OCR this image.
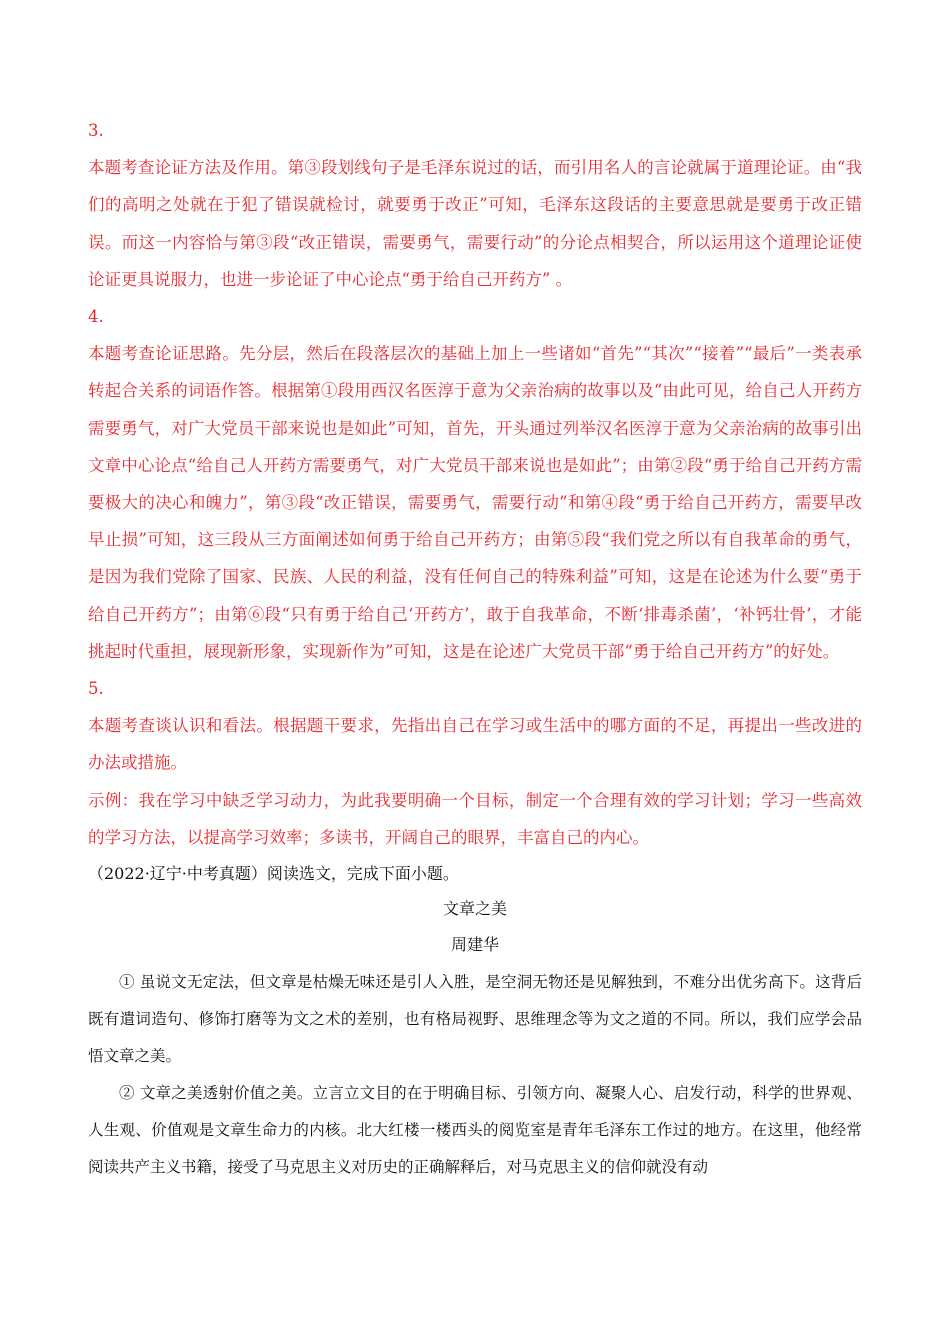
3.

本题考查论证方法及作用。第③段划线句子是毛泽东说过的话，而引用名人的言论就属于道理论证。由“我们的高明之处就在于犯了错误就检讨，就要勇于改正”可知，毛泽东这段话的主要意思就是要勇于改正错误。而这一内容恰与第③段“改正错误，需要勇气，需要行动”的分论点相契合，所以运用这个道理论证使论证更具说服力，也进一步论证了中心论点“勇于给自己开药方” 。

4.

本题考查论证思路。先分层，然后在段落层次的基础上加上一些诸如“首先”“其次”“接着”“最后”一类表承转起合关系的词语作答。根据第①段用西汉名医淳于意为父亲治病的故事以及“由此可见，给自己人开药方需要勇气，对广大党员干部来说也是如此”可知，首先，开头通过列举汉名医淳于意为父亲治病的故事引出文章中心论点“给自己人开药方需要勇气，对广大党员干部来说也是如此”；由第②段“勇于给自己开药方需要极大的决心和魄力”，第③段“改正错误，需要勇气，需要行动”和第④段“勇于给自己开药方，需要早改早止损”可知，这三段从三方面阐述如何勇于给自己开药方；由第⑤段“我们党之所以有自我革命的勇气，是因为我们党除了国家、民族、人民的利益，没有任何自己的特殊利益”可知，这是在论述为什么要“勇于给自己开药方”；由第⑥段“只有勇于给自己‘开药方’，敢于自我革命，不断‘排毒杀菌’，‘补钙壮骨’，才能挑起时代重担，展现新形象，实现新作为”可知，这是在论述广大党员干部“勇于给自己开药方”的好处。

5.

本题考查谈认识和看法。根据题干要求，先指出自己在学习或生活中的哪方面的不足，再提出一些改进的办法或措施。

示例：我在学习中缺乏学习动力，为此我要明确一个目标，制定一个合理有效的学习计划；学习一些高效的学习方法，以提高学习效率；多读书，开阔自己的眼界，丰富自己的内心。

（2022·辽宁·中考真题）阅读选文，完成下面小题。

文章之美

周建华

① 虽说文无定法，但文章是枯燥无味还是引人入胜，是空洞无物还是见解独到，不难分出优劣高下。这背后既有遣词造句、修饰打磨等为文之术的差别，也有格局视野、思维理念等为文之道的不同。所以，我们应学会品悟文章之美。

② 文章之美透射价值之美。立言立文目的在于明确目标、引领方向、凝聚人心、启发行动，科学的世界观、人生观、价值观是文章生命力的内核。北大红楼一楼西头的阅览室是青年毛泽东工作过的地方。在这里，他经常阅读共产主义书籍，接受了马克思主义对历史的正确解释后，对马克思主义的信仰就没有动
